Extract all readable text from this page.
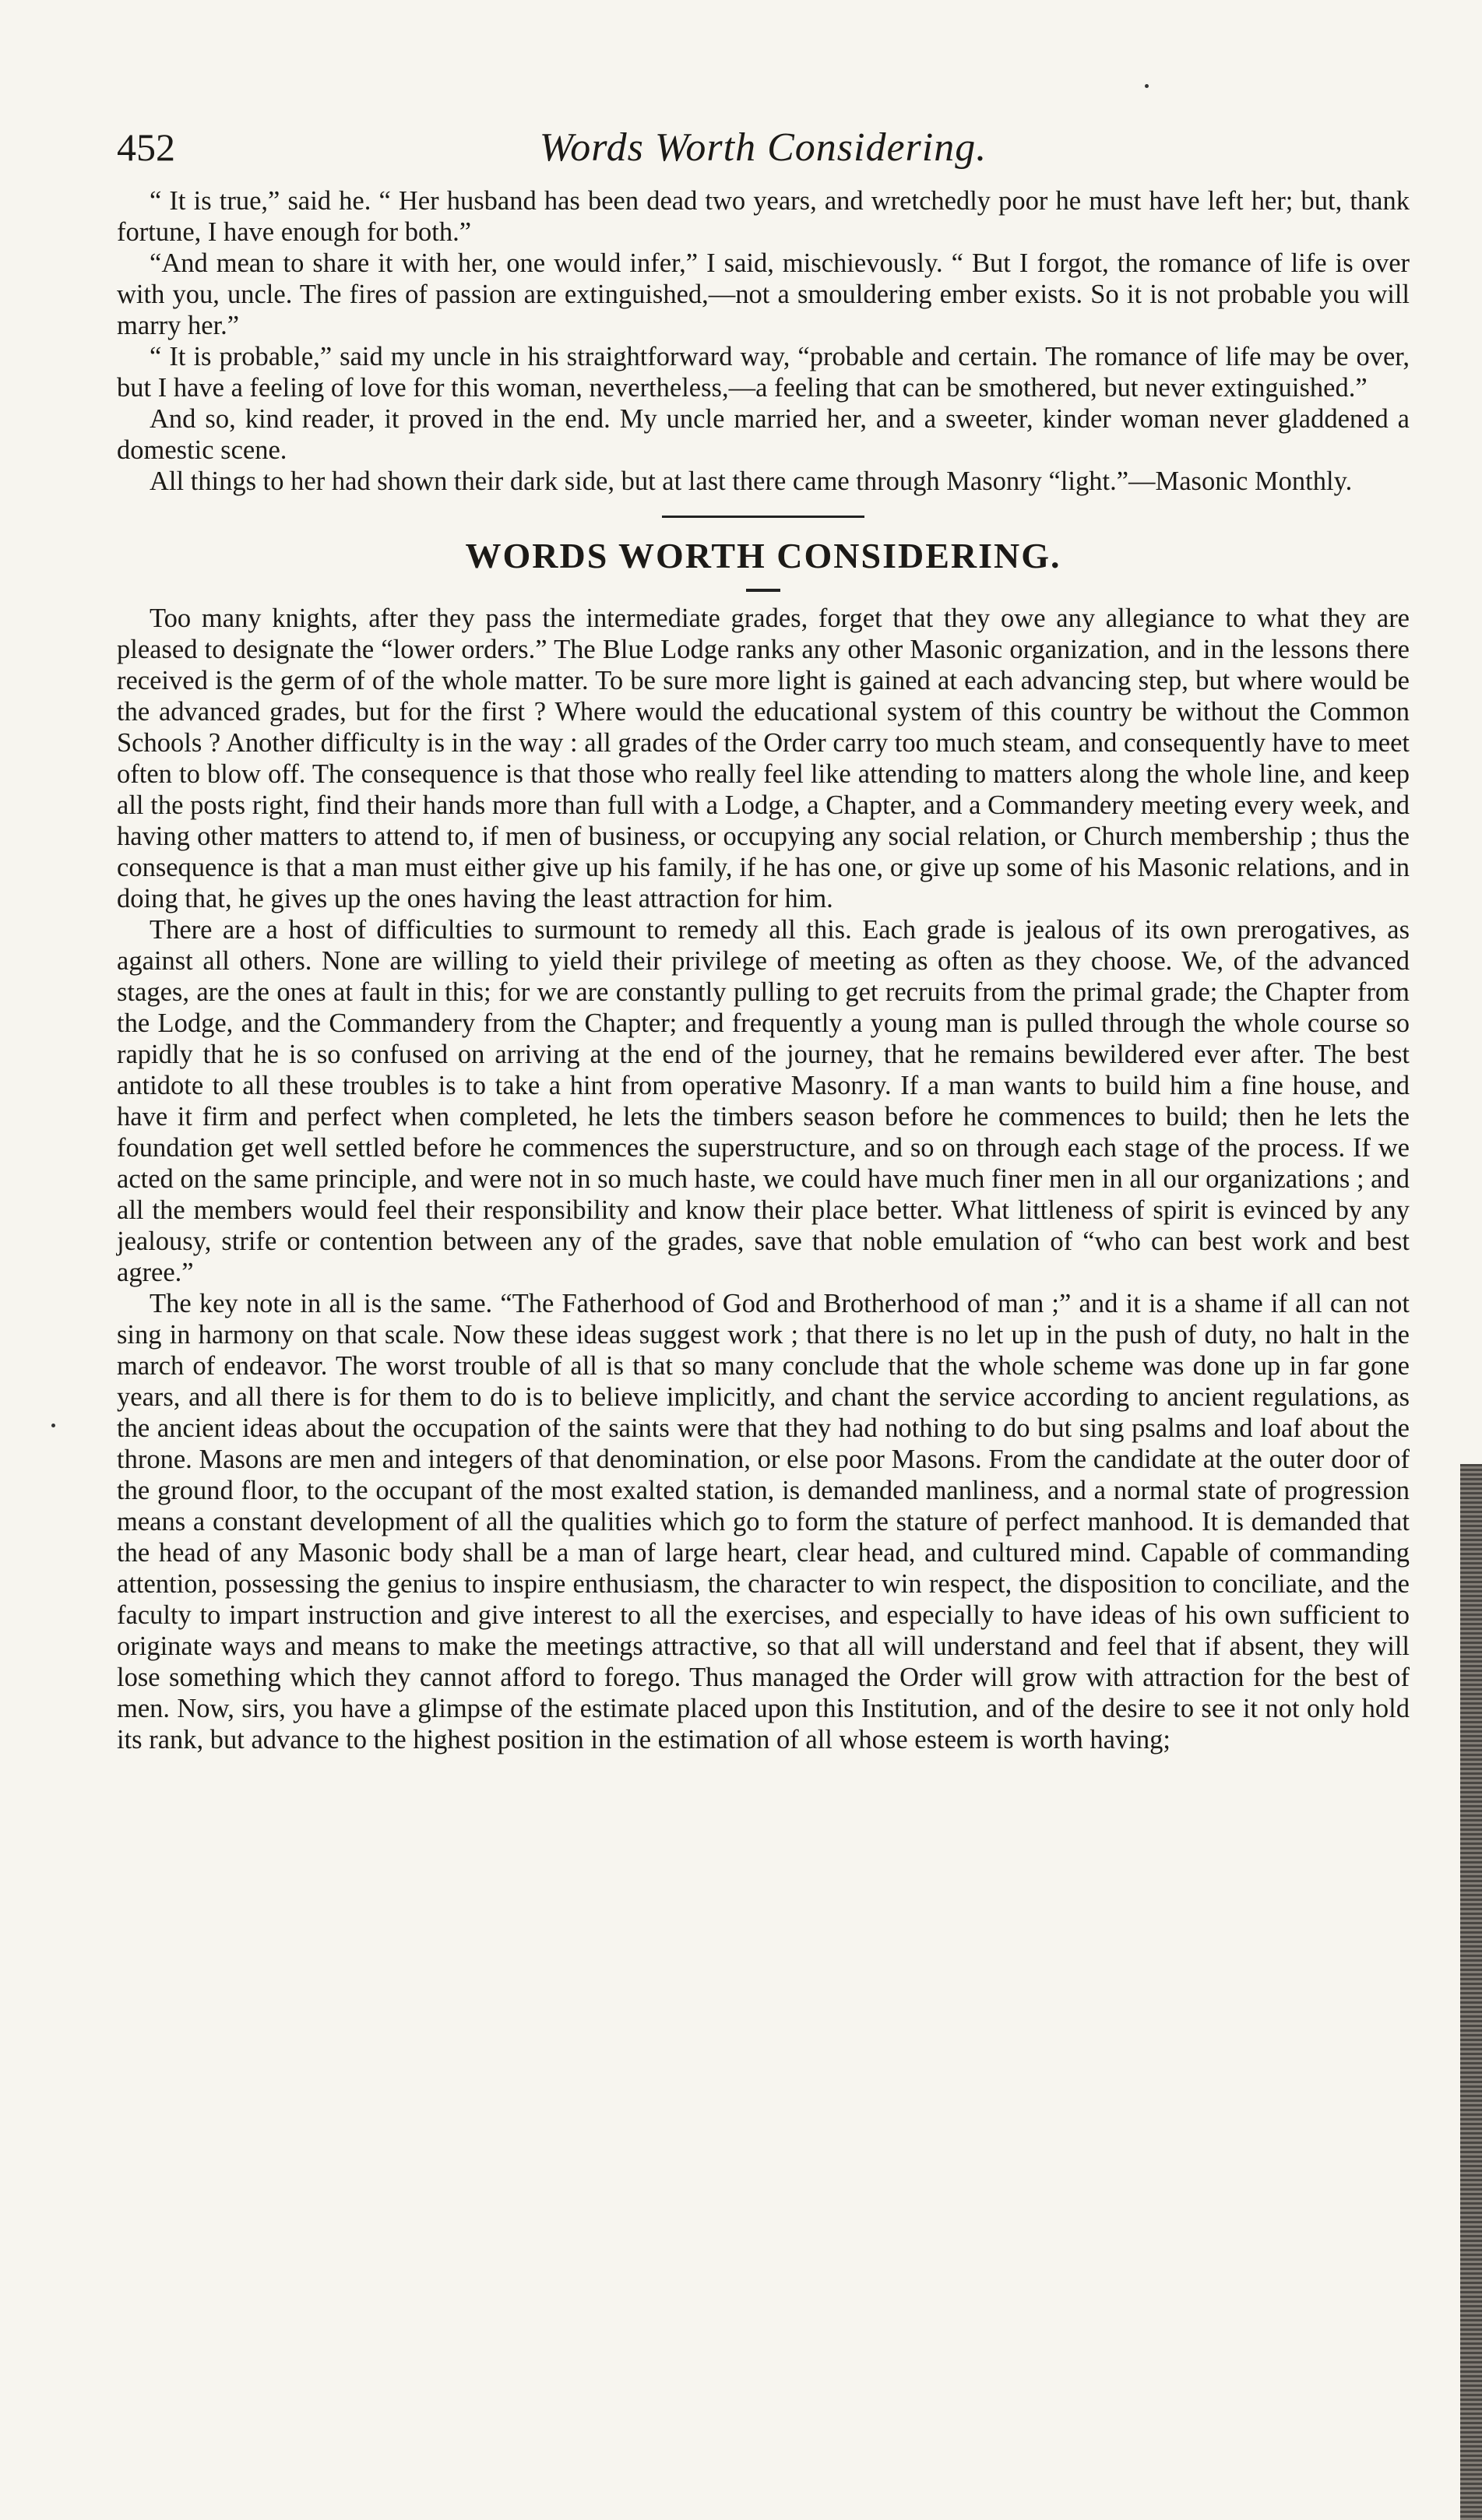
452	Words Worth Considering.

“ It is true,” said he. “ Her husband has been dead two years, and wretchedly poor he must have left her; but, thank fortune, I have enough for both.”

“And mean to share it with her, one would infer,” I said, mischievously. “ But I forgot, the romance of life is over with you, uncle. The fires of passion are extinguished,—not a smouldering ember exists. So it is not probable you will marry her.”

“ It is probable,” said my uncle in his straightforward way, “probable and certain. The romance of life may be over, but I have a feeling of love for this woman, nevertheless,—a feeling that can be smothered, but never extinguished.”

And so, kind reader, it proved in the end. My uncle married her, and a sweeter, kinder woman never gladdened a domestic scene.

All things to her had shown their dark side, but at last there came through Masonry “light.”—Masonic Monthly.

WORDS WORTH CONSIDERING.

Too many knights, after they pass the intermediate grades, forget that they owe any allegiance to what they are pleased to designate the “lower orders.” The Blue Lodge ranks any other Masonic organization, and in the lessons there received is the germ of of the whole matter. To be sure more light is gained at each advancing step, but where would be the advanced grades, but for the first ? Where would the educational system of this country be without the Common Schools ? Another difficulty is in the way : all grades of the Order carry too much steam, and consequently have to meet often to blow off. The consequence is that those who really feel like attending to matters along the whole line, and keep all the posts right, find their hands more than full with a Lodge, a Chapter, and a Commandery meeting every week, and having other matters to attend to, if men of business, or occupying any social relation, or Church membership ; thus the consequence is that a man must either give up his family, if he has one, or give up some of his Masonic relations, and in doing that, he gives up the ones having the least attraction for him.

There are a host of difficulties to surmount to remedy all this. Each grade is jealous of its own prerogatives, as against all others. None are willing to yield their privilege of meeting as often as they choose. We, of the advanced stages, are the ones at fault in this; for we are constantly pulling to get recruits from the primal grade; the Chapter from the Lodge, and the Commandery from the Chapter; and frequently a young man is pulled through the whole course so rapidly that he is so confused on arriving at the end of the journey, that he remains bewildered ever after. The best antidote to all these troubles is to take a hint from operative Masonry. If a man wants to build him a fine house, and have it firm and perfect when completed, he lets the timbers season before he commences to build; then he lets the foundation get well settled before he commences the superstructure, and so on through each stage of the process. If we acted on the same principle, and were not in so much haste, we could have much finer men in all our organizations ; and all the members would feel their responsibility and know their place better. What littleness of spirit is evinced by any jealousy, strife or contention between any of the grades, save that noble emulation of “who can best work and best agree.”

The key note in all is the same. “The Fatherhood of God and Brotherhood of man ;” and it is a shame if all can not sing in harmony on that scale. Now these ideas suggest work ; that there is no let up in the push of duty, no halt in the march of endeavor. The worst trouble of all is that so many conclude that the whole scheme was done up in far gone years, and all there is for them to do is to believe implicitly, and chant the service according to ancient regulations, as the ancient ideas about the occupation of the saints were that they had nothing to do but sing psalms and loaf about the throne. Masons are men and integers of that denomination, or else poor Masons. From the candidate at the outer door of the ground floor, to the occupant of the most exalted station, is demanded manliness, and a normal state of progression means a constant development of all the qualities which go to form the stature of perfect manhood. It is demanded that the head of any Masonic body shall be a man of large heart, clear head, and cultured mind. Capable of commanding attention, possessing the genius to inspire enthusiasm, the character to win respect, the disposition to conciliate, and the faculty to impart instruction and give interest to all the exercises, and especially to have ideas of his own sufficient to originate ways and means to make the meetings attractive, so that all will understand and feel that if absent, they will lose something which they cannot afford to forego. Thus managed the Order will grow with attraction for the best of men. Now, sirs, you have a glimpse of the estimate placed upon this Institution, and of the desire to see it not only hold its rank, but advance to the highest position in the estimation of all whose esteem is worth having;
